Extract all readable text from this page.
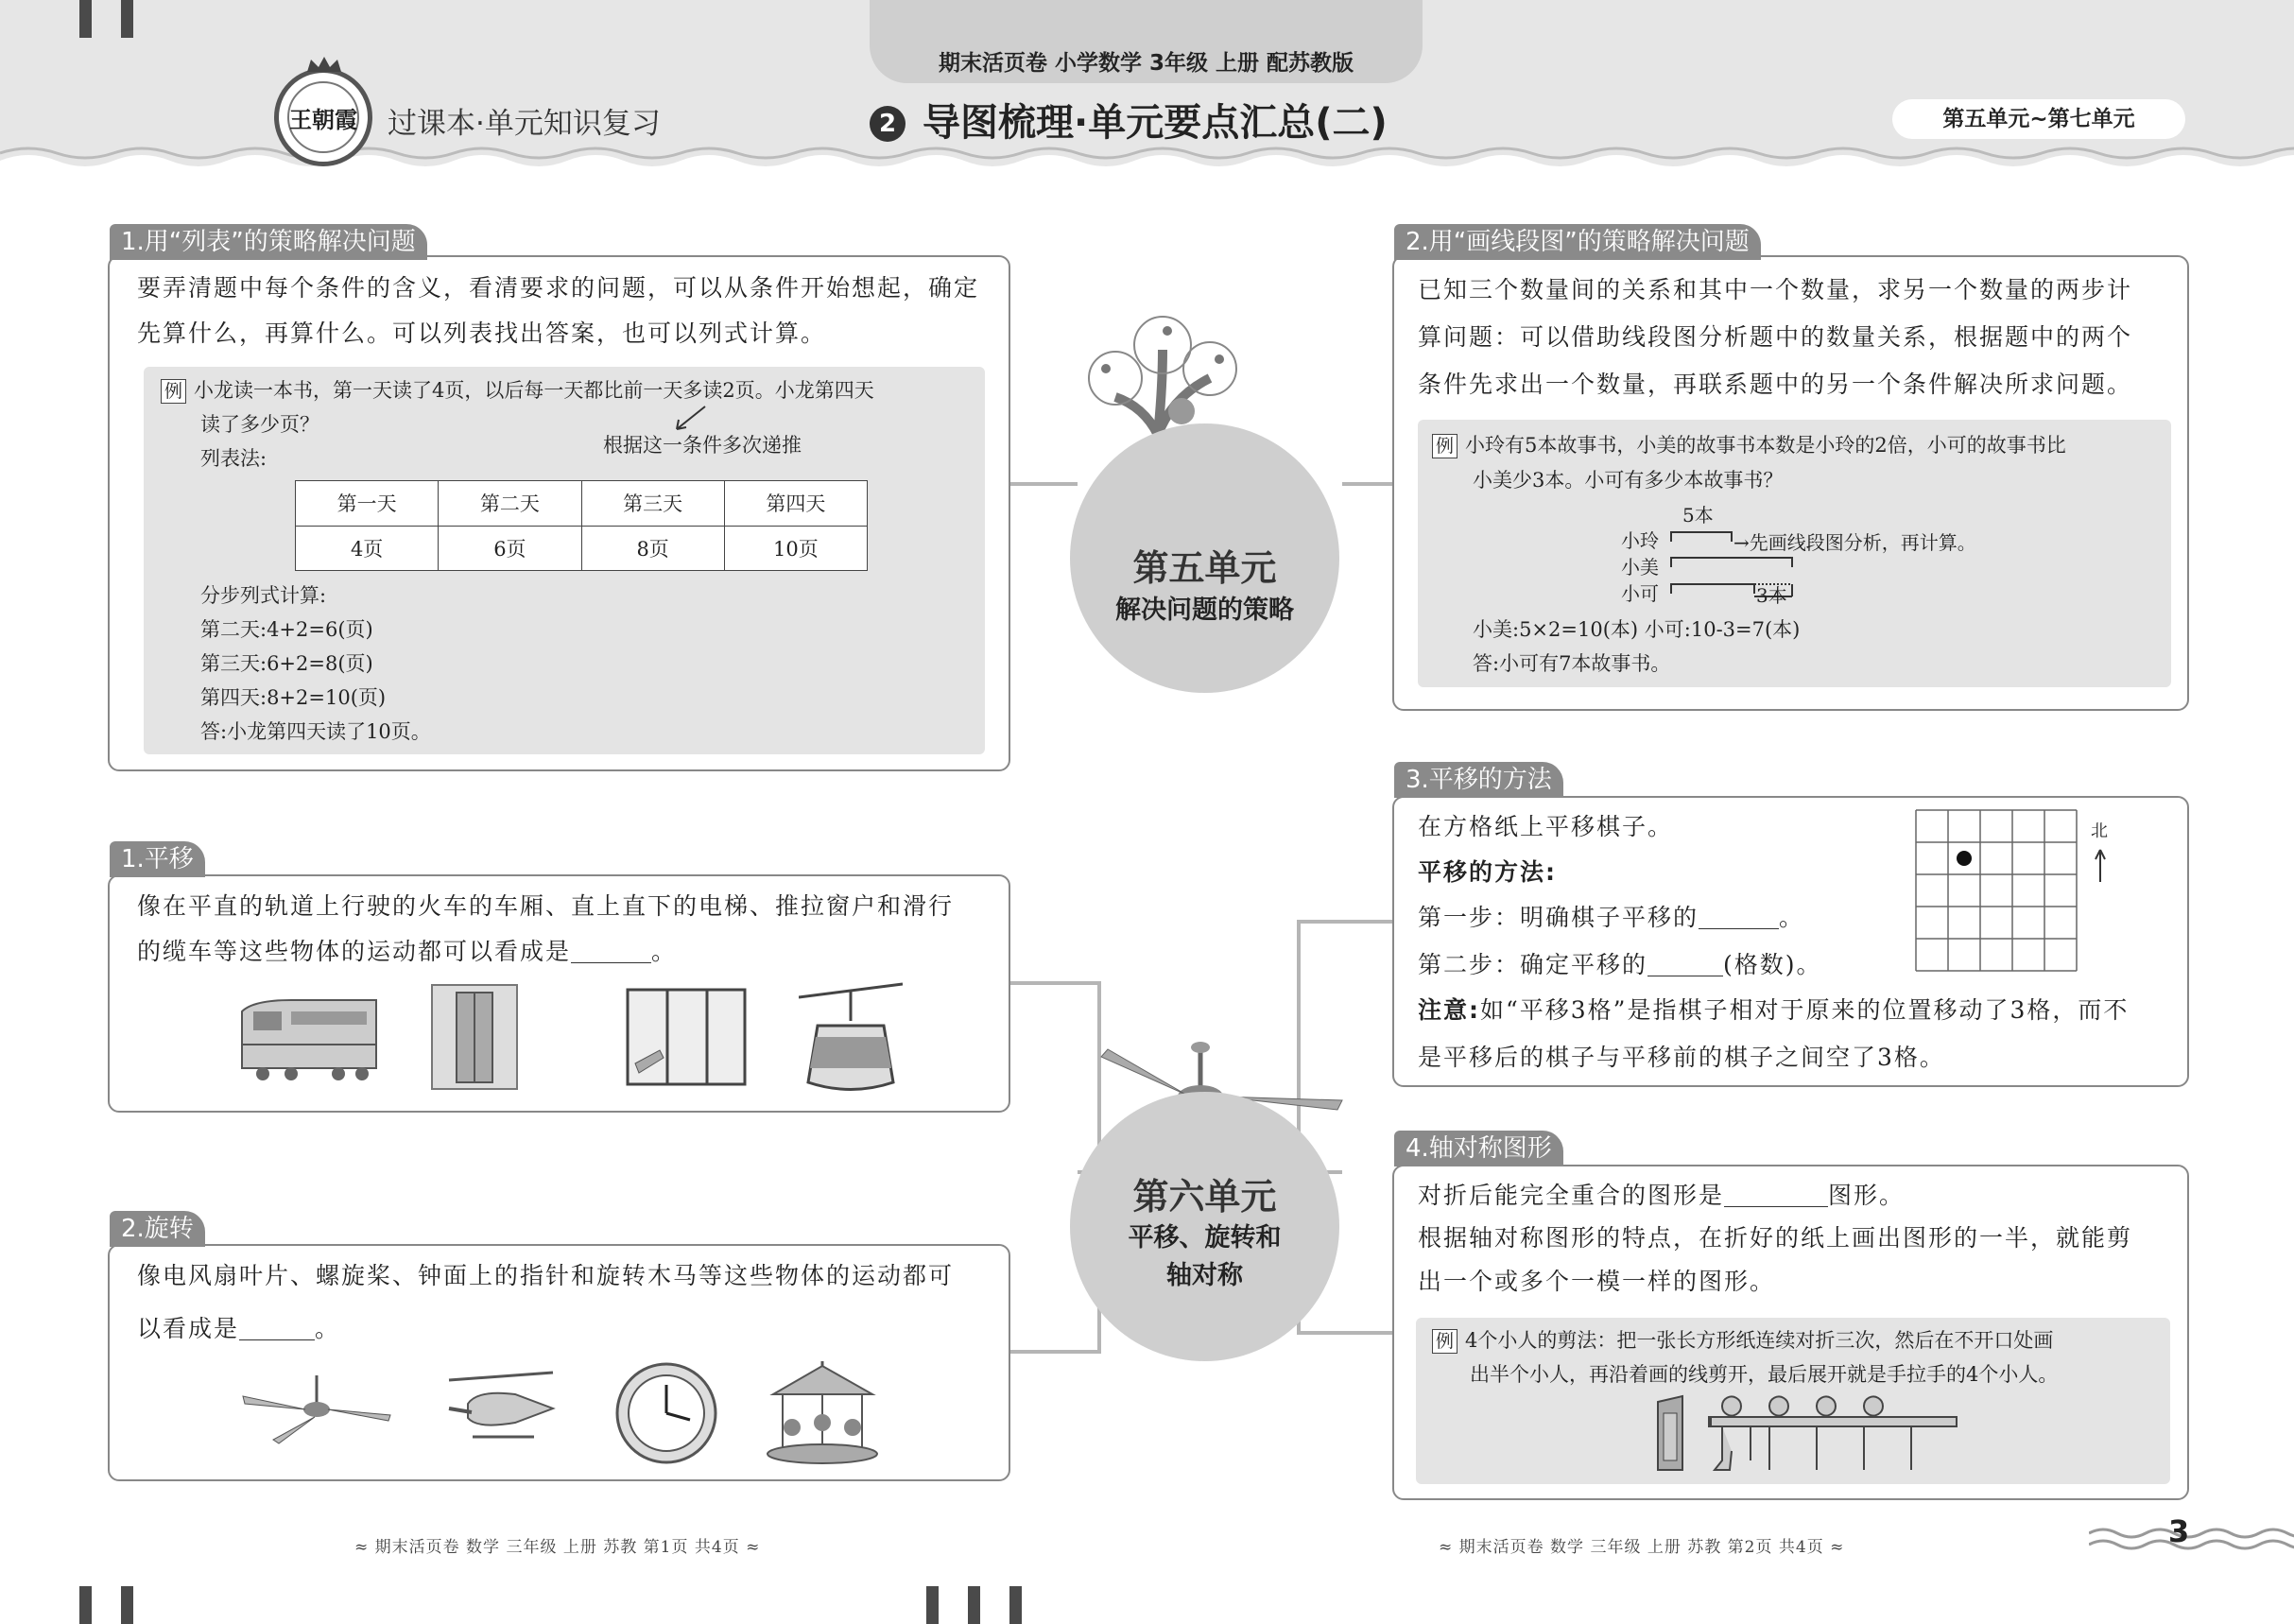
期末活页卷 小学数学 3年级 上册 配苏教版
王朝霞 过课本·单元知识复习	2 导图梳理·单元要点汇总(二)	第五单元~第七单元
第五单元
解决问题的策略
1.用“列表”的策略解决问题
要弄清题中每个条件的含义，看清要求的问题，可以从条件开始想起，确定
先算什么，再算什么。可以列表找出答案，也可以列式计算。
例 小龙读一本书，第一天读了4页，以后每一天都比前一天多读2页。小龙第四天
读了多少页？
根据这一条件多次递推
列表法:
第一天	第二天	第三天	第四天
4页	6页	8页	10页
分步列式计算:
第二天:4+2=6(页)
第三天:6+2=8(页)
第四天:8+2=10(页)
答:小龙第四天读了10页。
2.用“画线段图”的策略解决问题
已知三个数量间的关系和其中一个数量，求另一个数量的两步计
算问题：可以借助线段图分析题中的数量关系，根据题中的两个
条件先求出一个数量，再联系题中的另一个条件解决所求问题。
例 小玲有5本故事书，小美的故事书本数是小玲的2倍，小可的故事书比
小美少3本。小可有多少本故事书？
5本
小玲
小美
小可
→先画线段图分析，再计算。
3本
小美:5×2=10(本) 小可:10-3=7(本)
答:小可有7本故事书。
第六单元
平移、旋转和
轴对称
1.平移
像在平直的轨道上行驶的火车的车厢、直上直下的电梯、推拉窗户和滑行
的缆车等这些物体的运动都可以看成是	。
2.旋转
像电风扇叶片、螺旋桨、钟面上的指针和旋转木马等这些物体的运动都可
以看成是	。
3.平移的方法
在方格纸上平移棋子。
平移的方法:
第一步：明确棋子平移的	。
第二步：确定平移的	(格数)。
注意:如“平移3格”是指棋子相对于原来的位置移动了3格，而不
是平移后的棋子与平移前的棋子之间空了3格。
北
4.轴对称图形
对折后能完全重合的图形是	图形。
根据轴对称图形的特点，在折好的纸上画出图形的一半，就能剪
出一个或多个一模一样的图形。
例 4个小人的剪法：把一张长方形纸连续对折三次，然后在不开口处画
出半个小人，再沿着画的线剪开，最后展开就是手拉手的4个小人。
≈ 期末活页卷 数学 三年级 上册 苏教 第1页 共4页 ≈	≈ 期末活页卷 数学 三年级 上册 苏教 第2页 共4页 ≈	3
